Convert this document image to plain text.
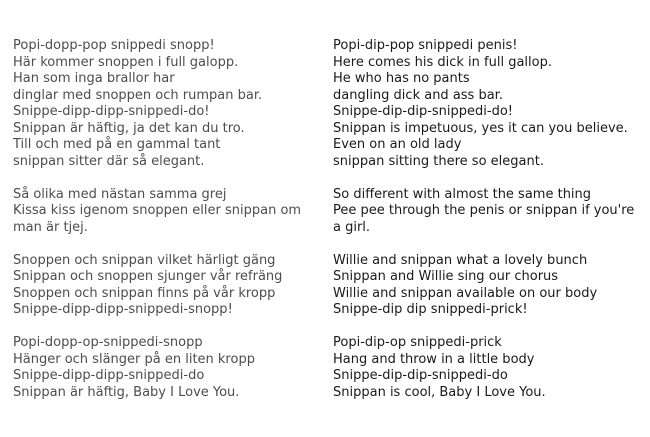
Popi-dopp-pop snippedi snopp!
Här kommer snoppen i full galopp.
Han som inga brallor har
dinglar med snoppen och rumpan bar.
Snippe-dipp-dipp-snippedi-do!
Snippan är häftig, ja det kan du tro.
Till och med på en gammal tant
snippan sitter där så elegant.
Så olika med nästan samma grej
Kissa kiss igenom snoppen eller snippan om man är tjej.
Snoppen och snippan vilket härligt gäng
Snippan och snoppen sjunger vår refräng
Snoppen och snippan finns på vår kropp
Snippe-dipp-dipp-snippedi-snopp!
Popi-dopp-op-snippedi-snopp
Hänger och slänger på en liten kropp
Snippe-dipp-dipp-snippedi-do
Snippan är häftig, Baby I Love You.
Popi-dip-pop snippedi penis!
Here comes his dick in full gallop.
He who has no pants
dangling dick and ass bar.
Snippe-dip-dip-snippedi-do!
Snippan is impetuous, yes it can you believe.
Even on an old lady
snippan sitting there so elegant.
So different with almost the same thing
Pee pee through the penis or snippan if you're a girl.
Willie and snippan what a lovely bunch
Snippan and Willie sing our chorus
Willie and snippan available on our body
Snippe-dip dip snippedi-prick!
Popi-dip-op snippedi-prick
Hang and throw in a little body
Snippe-dip-dip-snippedi-do
Snippan is cool, Baby I Love You.
